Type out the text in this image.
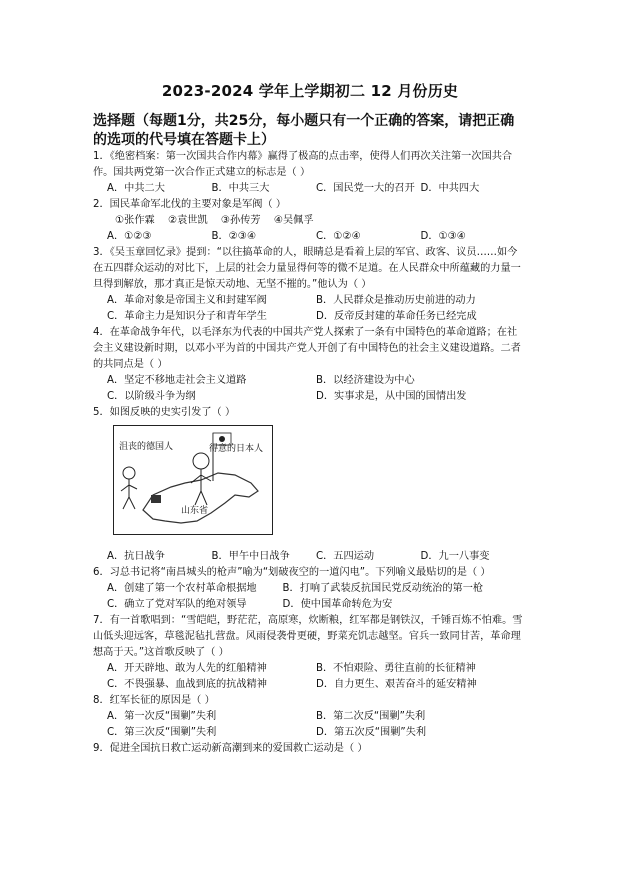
2023-2024 学年上学期初二 12 月份历史
选择题（每题1分，共25分，每小题只有一个正确的答案，请把正确的选项的代号填在答题卡上）

1．《绝密档案：第一次国共合作内幕》赢得了极高的点击率，使得人们再次关注第一次国共合作。国共两党第一次合作正式建立的标志是（ ）

A．中共二大	B．中共三大	C．国民党一大的召开 D．中共四大

2．国民革命军北伐的主要对象是军阀（ ）

①张作霖 ②袁世凯 ③孙传芳 ④吴佩孚
A．①②③	B．②③④	C．①②④	D．①③④

3．《吴玉章回忆录》提到：“以往搞革命的人，眼睛总是看着上层的军官、政客、议员……如今在五四群众运动的对比下，上层的社会力量显得何等的微不足道。在人民群众中所蕴藏的力量一旦得到解放，那才真正是惊天动地、无坚不摧的。”他认为（ ）

A．革命对象是帝国主义和封建军阀	B．人民群众是推动历史前进的动力
C．革命主力是知识分子和青年学生	D．反帝反封建的革命任务已经完成

4．在革命战争年代，以毛泽东为代表的中国共产党人探索了一条有中国特色的革命道路；在社会主义建设新时期，以邓小平为首的中国共产党人开创了有中国特色的社会主义建设道路。二者的共同点是（ ）

A．坚定不移地走社会主义道路	B．以经济建设为中心
C．以阶级斗争为纲	D．实事求是，从中国的国情出发

5．如图反映的史实引发了（ ）

沮丧的德国人	得意的日本人
山东省
A．抗日战争	B．甲午中日战争	C．五四运动	D．九一八事变

6．习总书记将“南昌城头的枪声”喻为“划破夜空的一道闪电”。下列喻义最贴切的是（ ）

A．创建了第一个农村革命根据地	B．打响了武装反抗国民党反动统治的第一枪
C．确立了党对军队的绝对领导	D．使中国革命转危为安

7．有一首歌唱到：“雪皑皑，野茫茫，高原寒，炊断粮，红军都是钢铁汉，千锤百炼不怕难。雪山低头迎远客，草毯泥毡扎营盘。风雨侵袭骨更硬，野菜充饥志越坚。官兵一致同甘苦，革命理想高于天。”这首歌反映了（ ）

A．开天辟地、敢为人先的红船精神	B．不怕艰险、勇往直前的长征精神
C．不畏强暴、血战到底的抗战精神	D．自力更生、艰苦奋斗的延安精神

8．红军长征的原因是（ ）

A．第一次反“围剿”失利	B．第二次反“围剿”失利
C．第三次反“围剿”失利	D．第五次反“围剿”失利

9．促进全国抗日救亡运动新高潮到来的爱国救亡运动是（ ）
